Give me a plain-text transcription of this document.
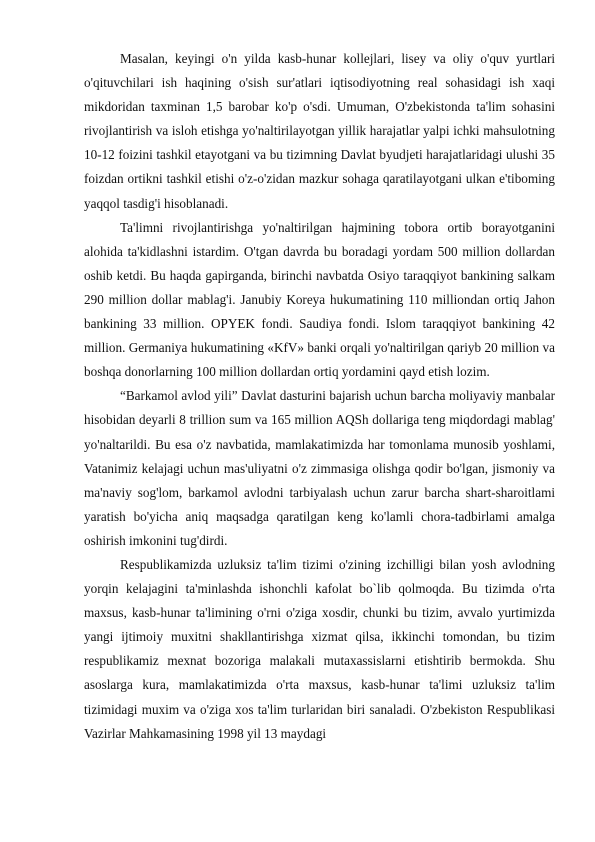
Masalan, keyingi o'n yilda kasb-hunar kollejlari, lisey va oliy o'quv yurtlari o'qituvchilari ish haqining o'sish sur'atlari iqtisodiyotning real sohasidagi ish xaqi mikdoridan taxminan 1,5 barobar ko'p o'sdi. Umuman, O'zbekistonda ta'lim sohasini rivojlantirish va isloh etishga yo'naltirilayotgan yillik harajatlar yalpi ichki mahsulotning 10-12 foizini tashkil etayotgani va bu tizimning Davlat byudjeti harajatlaridagi ulushi 35 foizdan ortikni tashkil etishi o'z-o'zidan mazkur sohaga qaratilayotgani ulkan e'tiboming yaqqol tasdig'i hisoblanadi.

Ta'limni rivojlantirishga yo'naltirilgan hajmining tobora ortib borayotganini alohida ta'kidlashni istardim. O'tgan davrda bu boradagi yordam 500 million dollardan oshib ketdi. Bu haqda gapirganda, birinchi navbatda Osiyo taraqqiyot bankining salkam 290 million dollar mablag'i. Janubiy Koreya hukumatining 110 milliondan ortiq Jahon bankining 33 million. OPYEK fondi. Saudiya fondi. Islom taraqqiyot bankining 42 million. Germaniya hukumatining «KfV» banki orqali yo'naltirilgan qariyb 20 million va boshqa donorlarning 100 million dollardan ortiq yordamini qayd etish lozim.

“Barkamol avlod yili” Davlat dasturini bajarish uchun barcha moliyaviy manbalar hisobidan deyarli 8 trillion sum va 165 million AQSh dollariga teng miqdordagi mablag' yo'naltarildi. Bu esa o'z navbatida, mamlakatimizda har tomonlama munosib yoshlami, Vatanimiz kelajagi uchun mas'uliyatni o'z zimmasiga olishga qodir bo'lgan, jismoniy va ma'naviy sog'lom, barkamol avlodni tarbiyalash uchun zarur barcha shart-sharoitlami yaratish bo'yicha aniq maqsadga qaratilgan keng ko'lamli chora-tadbirlami amalga oshirish imkonini tug'dirdi.

Respublikamizda uzluksiz ta'lim tizimi o'zining izchilligi bilan yosh avlodning yorqin kelajagini ta'minlashda ishonchli kafolat bo`lib qolmoqda. Bu tizimda o'rta maxsus, kasb-hunar ta'limining o'rni o'ziga xosdir, chunki bu tizim, avvalo yurtimizda yangi ijtimoiy muxitni shakllantirishga xizmat qilsa, ikkinchi tomondan, bu tizim respublikamiz mexnat bozoriga malakali mutaxassislarni etishtirib bermokda. Shu asoslarga kura, mamlakatimizda o'rta maxsus, kasb-hunar ta'limi uzluksiz ta'lim tizimidagi muxim va o'ziga xos ta'lim turlaridan biri sanaladi. O'zbekiston Respublikasi Vazirlar Mahkamasining 1998 yil 13 maydagi
